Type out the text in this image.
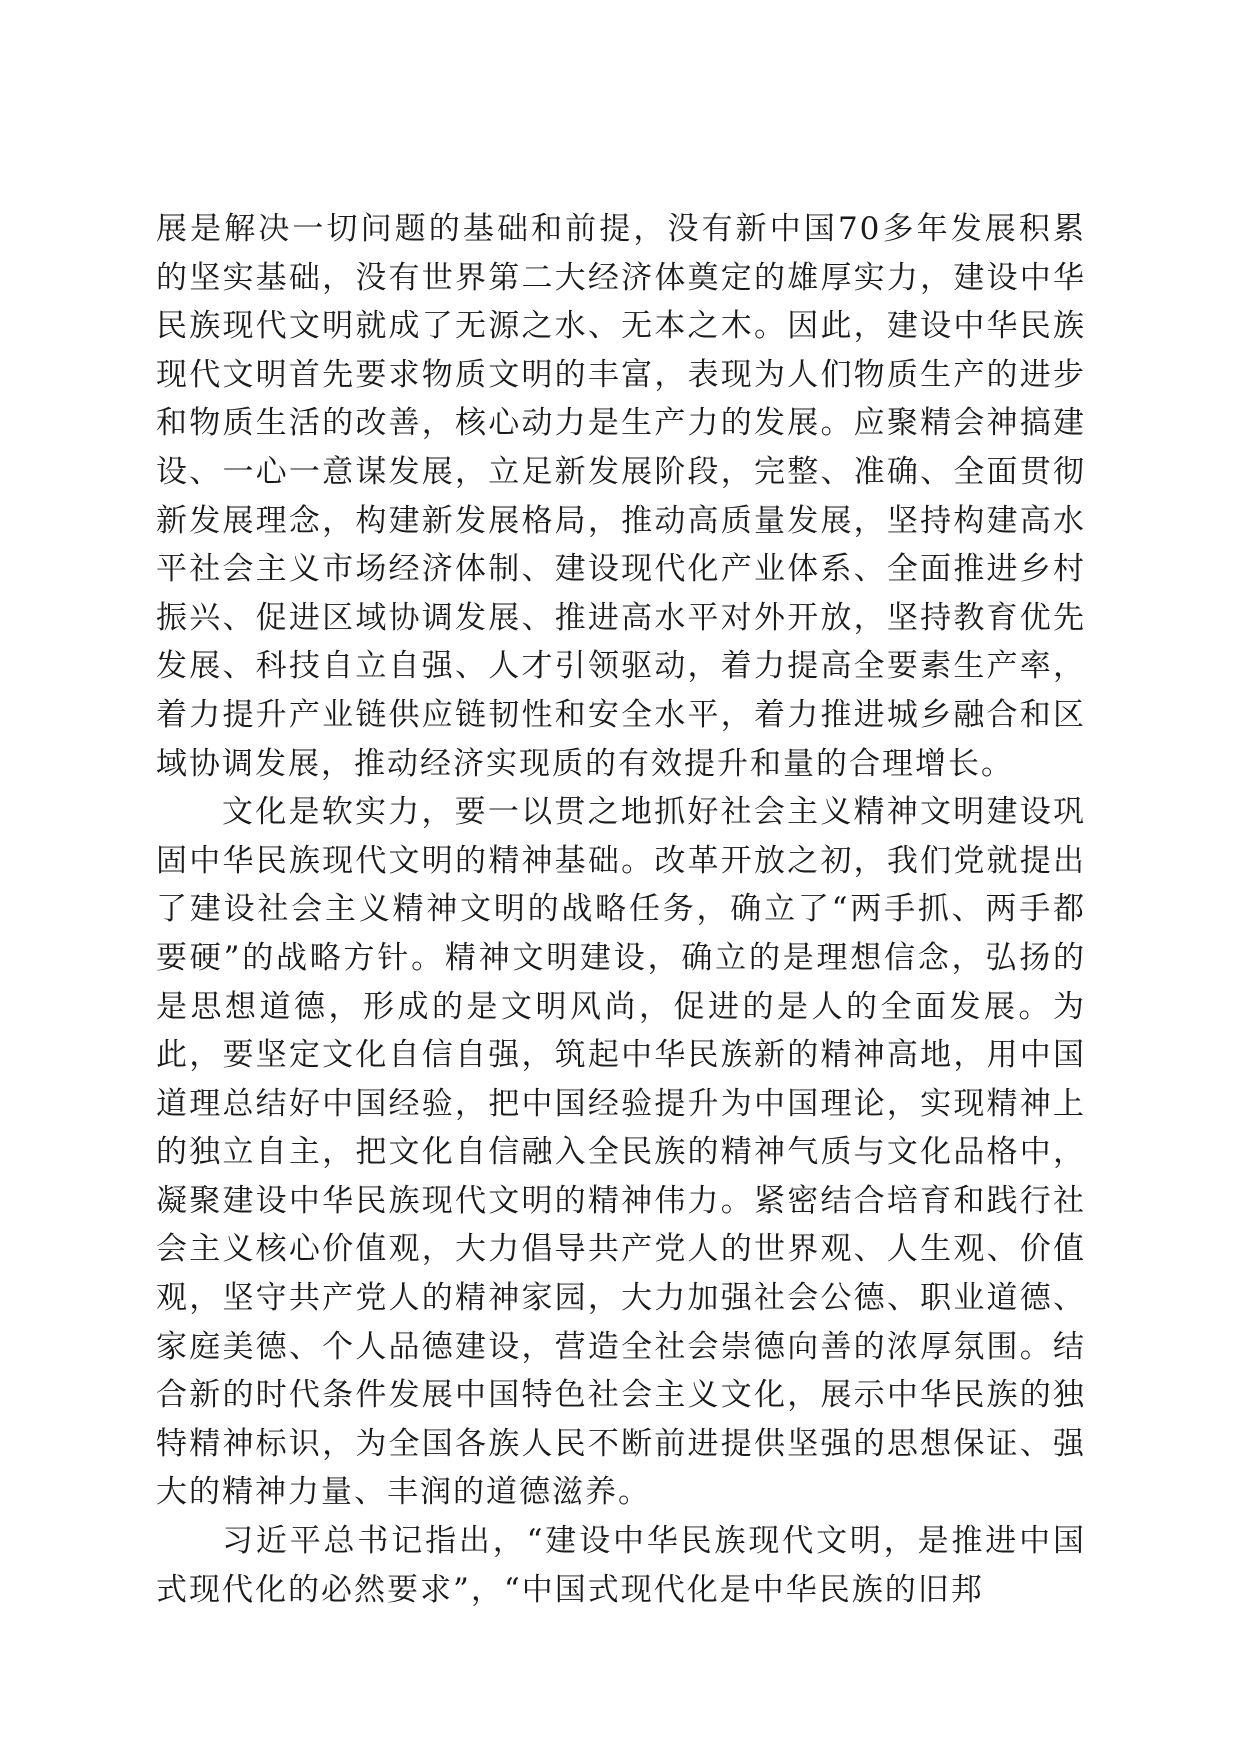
展是解决一切问题的基础和前提，没有新中国70多年发展积累的坚实基础，没有世界第二大经济体奠定的雄厚实力，建设中华民族现代文明就成了无源之水、无本之木。因此，建设中华民族现代文明首先要求物质文明的丰富，表现为人们物质生产的进步和物质生活的改善，核心动力是生产力的发展。应聚精会神搞建设、一心一意谋发展，立足新发展阶段，完整、准确、全面贯彻新发展理念，构建新发展格局，推动高质量发展，坚持构建高水平社会主义市场经济体制、建设现代化产业体系、全面推进乡村振兴、促进区域协调发展、推进高水平对外开放，坚持教育优先发展、科技自立自强、人才引领驱动，着力提高全要素生产率，着力提升产业链供应链韧性和安全水平，着力推进城乡融合和区域协调发展，推动经济实现质的有效提升和量的合理增长。

文化是软实力，要一以贯之地抓好社会主义精神文明建设巩固中华民族现代文明的精神基础。改革开放之初，我们党就提出了建设社会主义精神文明的战略任务，确立了“两手抓、两手都要硬”的战略方针。精神文明建设，确立的是理想信念，弘扬的是思想道德，形成的是文明风尚，促进的是人的全面发展。为此，要坚定文化自信自强，筑起中华民族新的精神高地，用中国道理总结好中国经验，把中国经验提升为中国理论，实现精神上的独立自主，把文化自信融入全民族的精神气质与文化品格中，凝聚建设中华民族现代文明的精神伟力。紧密结合培育和践行社会主义核心价值观，大力倡导共产党人的世界观、人生观、价值观，坚守共产党人的精神家园，大力加强社会公德、职业道德、家庭美德、个人品德建设，营造全社会崇德向善的浓厚氛围。结合新的时代条件发展中国特色社会主义文化，展示中华民族的独特精神标识，为全国各族人民不断前进提供坚强的思想保证、强大的精神力量、丰润的道德滋养。

习近平总书记指出，“建设中华民族现代文明，是推进中国式现代化的必然要求”，“中国式现代化是中华民族的旧邦
